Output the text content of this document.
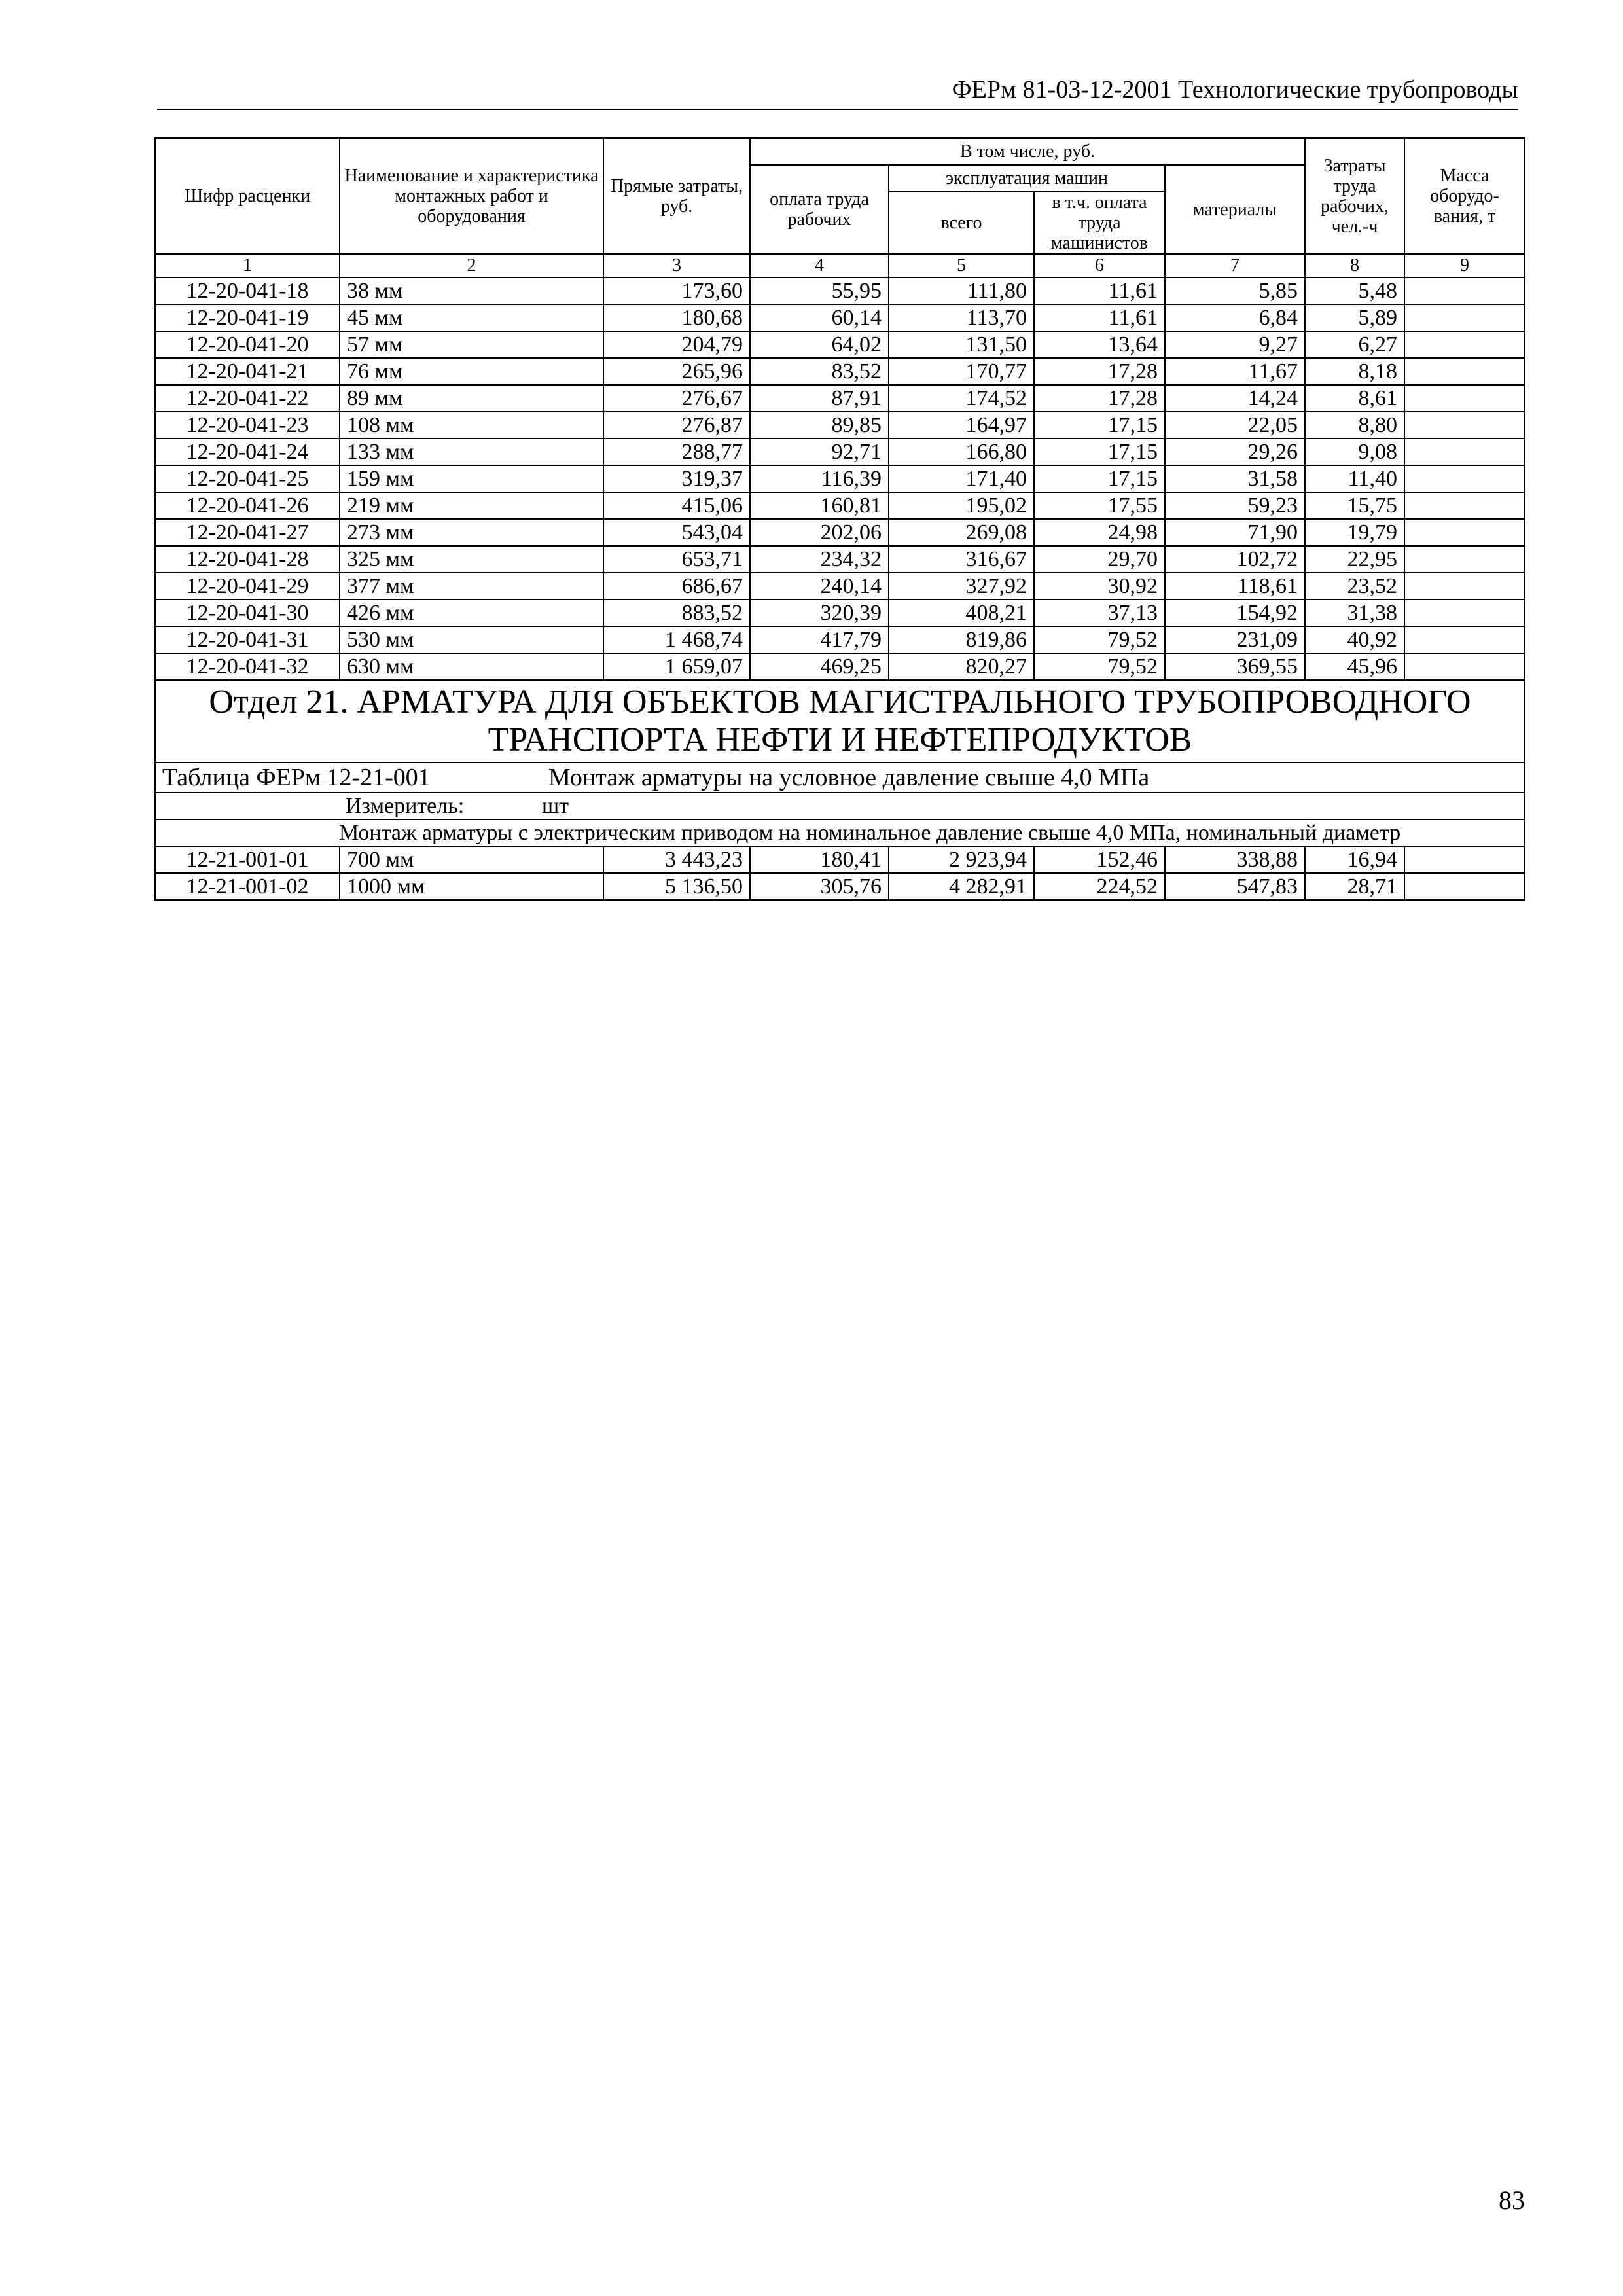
ФЕРм 81-03-12-2001 Технологические трубопроводы
Шифр расценки	Наименование и характеристика монтажных работ и оборудования	Прямые затраты, руб.	В том числе, руб.				Затраты труда рабочих, чел.-ч	Масса оборудо-вания, т
			оплата труда рабочих	эксплуатация машин		материалы		
				всего	в т.ч. оплата труда машинистов			

1	2	3	4	5	6	7	8	9
12-20-041-18	38 мм	173,60	55,95	111,80	11,61	5,85	5,48	
12-20-041-19	45 мм	180,68	60,14	113,70	11,61	6,84	5,89	
12-20-041-20	57 мм	204,79	64,02	131,50	13,64	9,27	6,27	
12-20-041-21	76 мм	265,96	83,52	170,77	17,28	11,67	8,18	
12-20-041-22	89 мм	276,67	87,91	174,52	17,28	14,24	8,61	
12-20-041-23	108 мм	276,87	89,85	164,97	17,15	22,05	8,80	
12-20-041-24	133 мм	288,77	92,71	166,80	17,15	29,26	9,08	
12-20-041-25	159 мм	319,37	116,39	171,40	17,15	31,58	11,40	
12-20-041-26	219 мм	415,06	160,81	195,02	17,55	59,23	15,75	
12-20-041-27	273 мм	543,04	202,06	269,08	24,98	71,90	19,79	
12-20-041-28	325 мм	653,71	234,32	316,67	29,70	102,72	22,95	
12-20-041-29	377 мм	686,67	240,14	327,92	30,92	118,61	23,52	
12-20-041-30	426 мм	883,52	320,39	408,21	37,13	154,92	31,38	
12-20-041-31	530 мм	1 468,74	417,79	819,86	79,52	231,09	40,92	
12-20-041-32	630 мм	1 659,07	469,25	820,27	79,52	369,55	45,96	
Отдел 21. АРМАТУРА ДЛЯ ОБЪЕКТОВ МАГИСТРАЛЬНОГО ТРУБОПРОВОДНОГО ТРАНСПОРТА НЕФТИ И НЕФТЕПРОДУКТОВ								
Таблица ФЕРм 12-21-001 Монтаж арматуры на условное давление свыше 4,0 МПа								
Измеритель: шт								
Монтаж арматуры с электрическим приводом на номинальное давление свыше 4,0 МПа, номинальный диаметр								
12-21-001-01	700 мм	3 443,23	180,41	2 923,94	152,46	338,88	16,94	
12-21-001-02	1000 мм	5 136,50	305,76	4 282,91	224,52	547,83	28,71	
83
